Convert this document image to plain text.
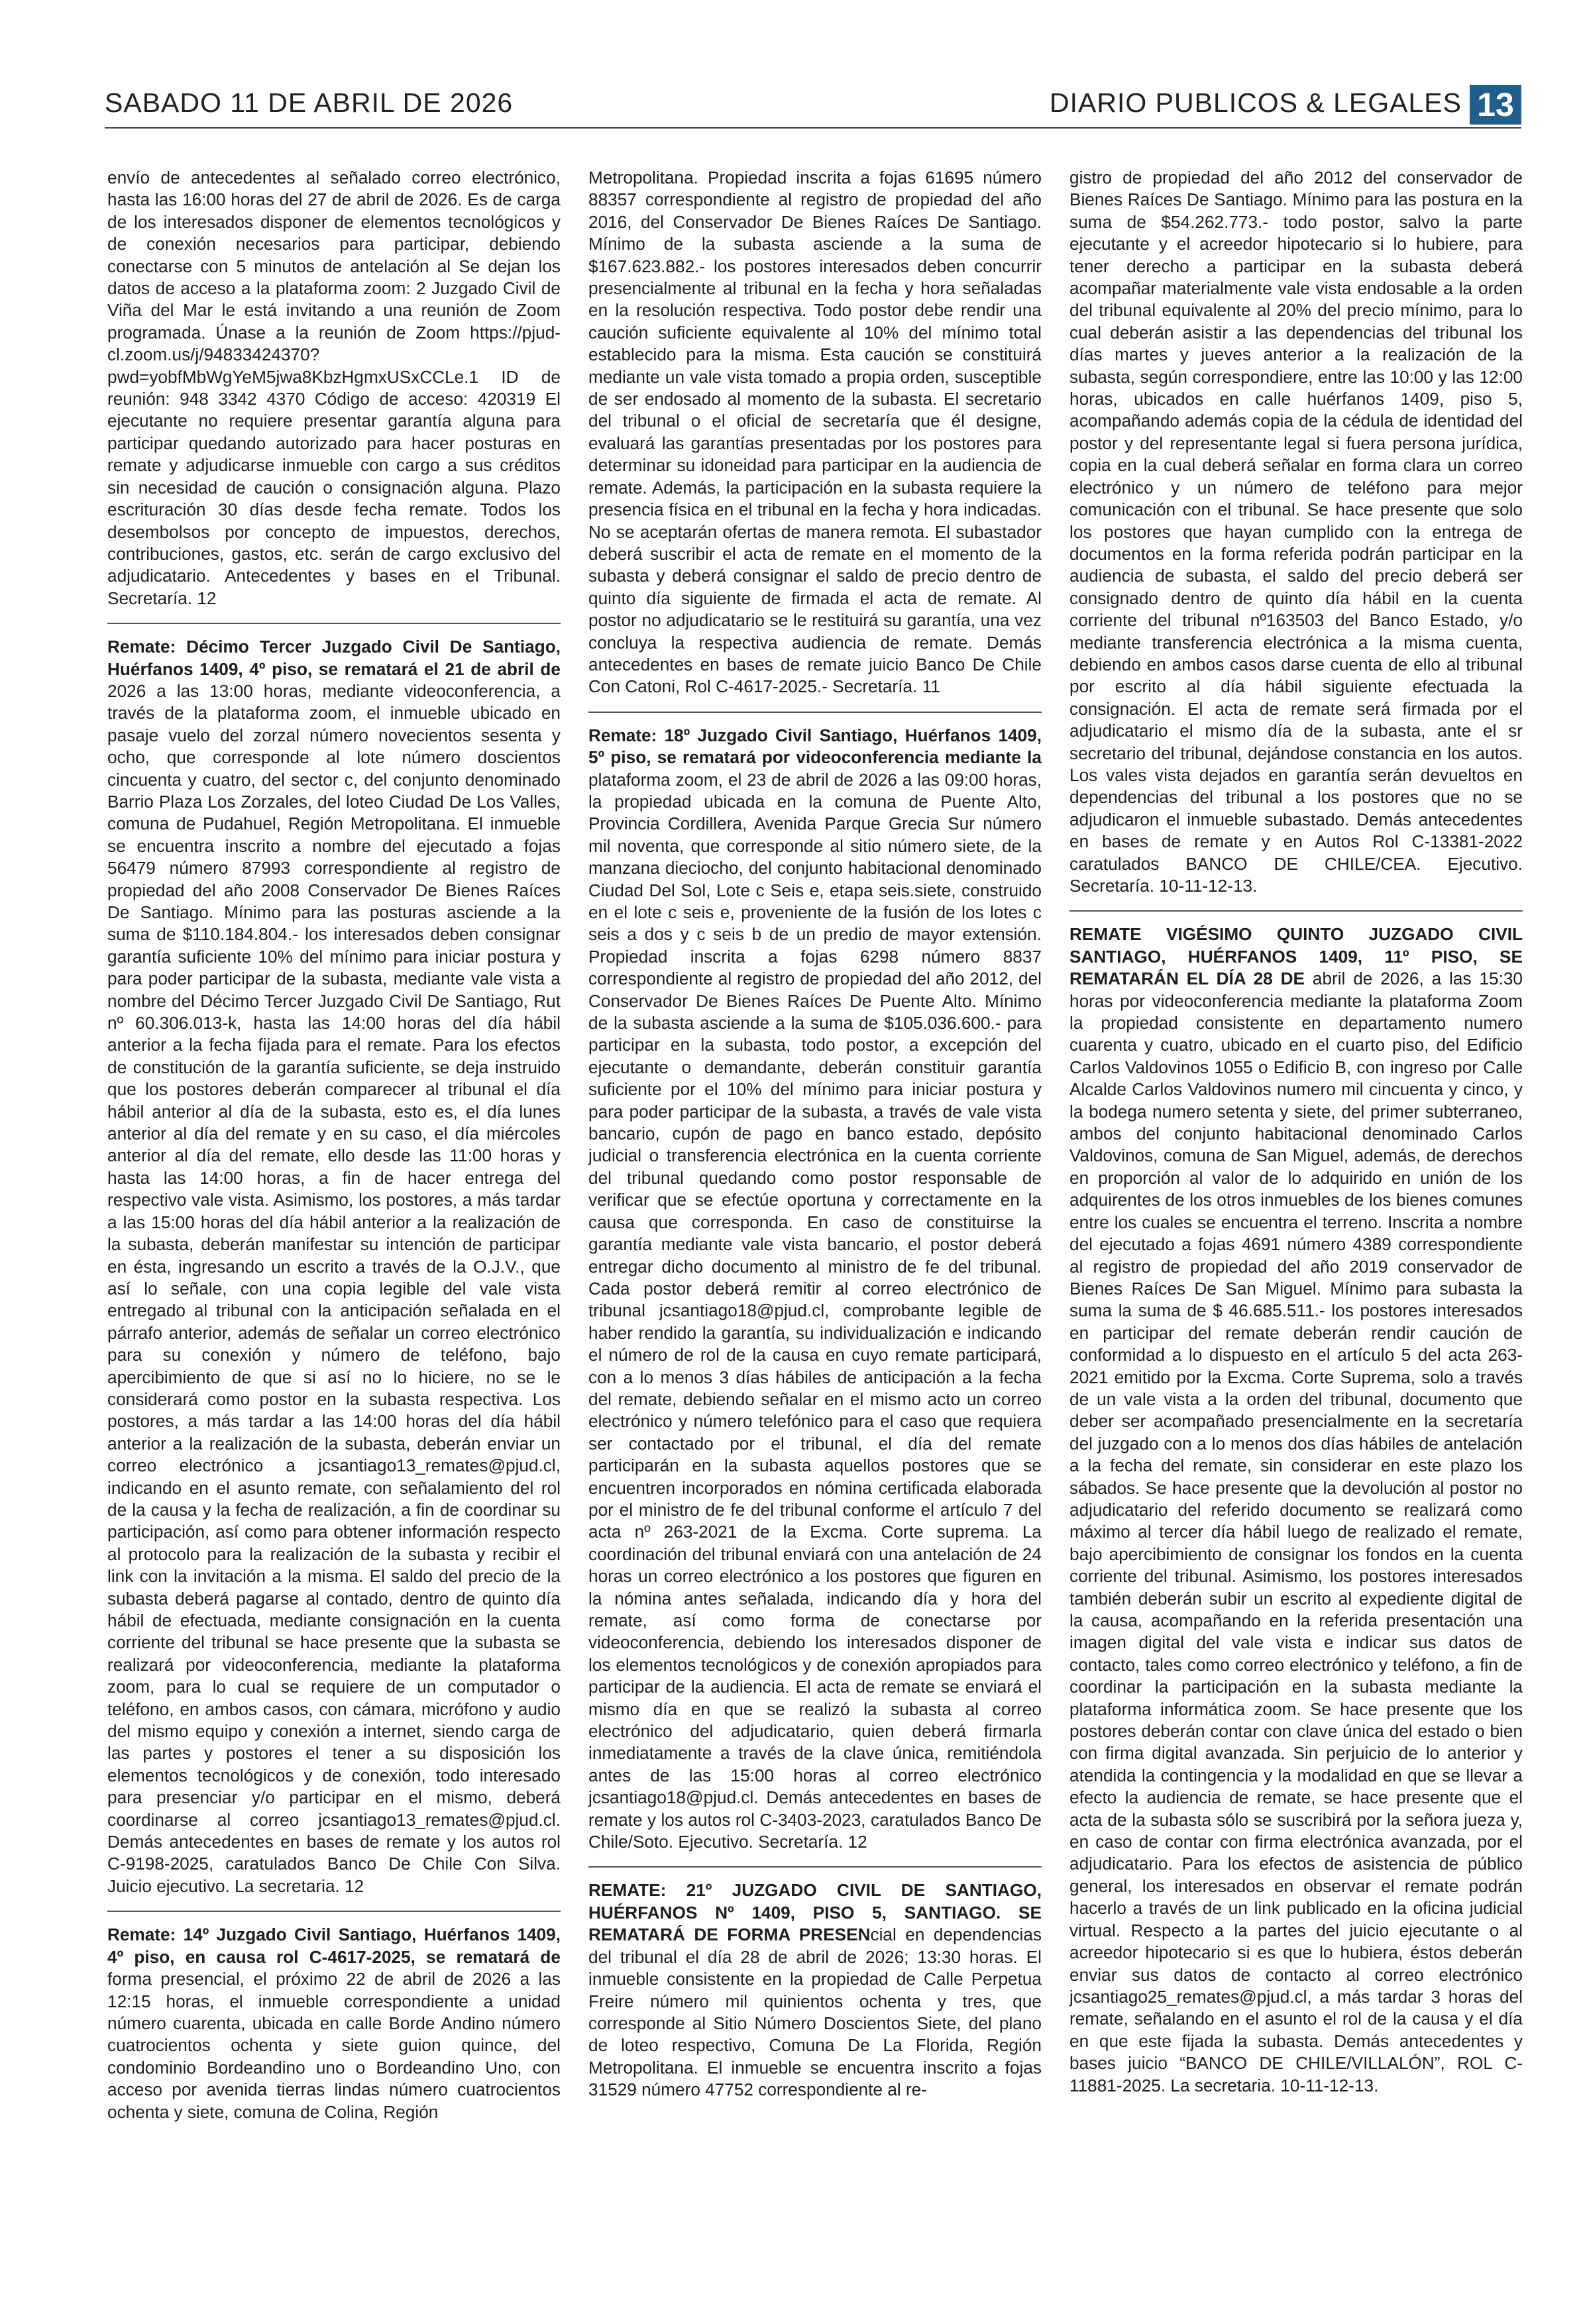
SABADO 11 DE ABRIL DE 2026	DIARIO PUBLICOS & LEGALES 13

envío de antecedentes al señalado correo electrónico, hasta las 16:00 horas del 27 de abril de 2026. Es de carga de los interesados disponer de elementos tecnológicos y de conexión necesarios para participar, debiendo conectarse con 5 minutos de antelación al Se dejan los datos de acceso a la plataforma zoom: 2 Juzgado Civil de Viña del Mar le está invitando a una reunión de Zoom programada. Únase a la reunión de Zoom https://pjud-cl.zoom.us/j/94833424370?pwd=yobfMbWgYeM5jwa8KbzHgmxUSxCCLe.1 ID de reunión: 948 3342 4370 Código de acceso: 420319 El ejecutante no requiere presentar garantía alguna para participar quedando autorizado para hacer posturas en remate y adjudicarse inmueble con cargo a sus créditos sin necesidad de caución o consignación alguna. Plazo escrituración 30 días desde fecha remate. Todos los desembolsos por concepto de impuestos, derechos, contribuciones, gastos, etc. serán de cargo exclusivo del adjudicatario. Antecedentes y bases en el Tribunal. Secretaría. 12

Remate: Décimo Tercer Juzgado Civil De Santiago, Huérfanos 1409, 4º piso, se rematará el 21 de abril de 2026 a las 13:00 horas, mediante videoconferencia, a través de la plataforma zoom, el inmueble ubicado en pasaje vuelo del zorzal número novecientos sesenta y ocho, que corresponde al lote número doscientos cincuenta y cuatro, del sector c, del conjunto denominado Barrio Plaza Los Zorzales, del loteo Ciudad De Los Valles, comuna de Pudahuel, Región Metropolitana. El inmueble se encuentra inscrito a nombre del ejecutado a fojas 56479 número 87993 correspondiente al registro de propiedad del año 2008 Conservador De Bienes Raíces De Santiago. Mínimo para las posturas asciende a la suma de $110.184.804.- los interesados deben consignar garantía suficiente 10% del mínimo para iniciar postura y para poder participar de la subasta, mediante vale vista a nombre del Décimo Tercer Juzgado Civil De Santiago, Rut nº 60.306.013-k, hasta las 14:00 horas del día hábil anterior a la fecha fijada para el remate. Para los efectos de constitución de la garantía suficiente, se deja instruido que los postores deberán comparecer al tribunal el día hábil anterior al día de la subasta, esto es, el día lunes anterior al día del remate y en su caso, el día miércoles anterior al día del remate, ello desde las 11:00 horas y hasta las 14:00 horas, a fin de hacer entrega del respectivo vale vista. Asimismo, los postores, a más tardar a las 15:00 horas del día hábil anterior a la realización de la subasta, deberán manifestar su intención de participar en ésta, ingresando un escrito a través de la O.J.V., que así lo señale, con una copia legible del vale vista entregado al tribunal con la anticipación señalada en el párrafo anterior, además de señalar un correo electrónico para su conexión y número de teléfono, bajo apercibimiento de que si así no lo hiciere, no se le considerará como postor en la subasta respectiva. Los postores, a más tardar a las 14:00 horas del día hábil anterior a la realización de la subasta, deberán enviar un correo electrónico a jcsantiago13_remates@pjud.cl, indicando en el asunto remate, con señalamiento del rol de la causa y la fecha de realización, a fin de coordinar su participación, así como para obtener información respecto al protocolo para la realización de la subasta y recibir el link con la invitación a la misma. El saldo del precio de la subasta deberá pagarse al contado, dentro de quinto día hábil de efectuada, mediante consignación en la cuenta corriente del tribunal se hace presente que la subasta se realizará por videoconferencia, mediante la plataforma zoom, para lo cual se requiere de un computador o teléfono, en ambos casos, con cámara, micrófono y audio del mismo equipo y conexión a internet, siendo carga de las partes y postores el tener a su disposición los elementos tecnológicos y de conexión, todo interesado para presenciar y/o participar en el mismo, deberá coordinarse al correo jcsantiago13_remates@pjud.cl. Demás antecedentes en bases de remate y los autos rol C-9198-2025, caratulados Banco De Chile Con Silva. Juicio ejecutivo. La secretaria. 12

Remate: 14º Juzgado Civil Santiago, Huérfanos 1409, 4º piso, en causa rol C-4617-2025, se rematará de forma presencial, el próximo 22 de abril de 2026 a las 12:15 horas, el inmueble correspondiente a unidad número cuarenta, ubicada en calle Borde Andino número cuatrocientos ochenta y siete guion quince, del condominio Bordeandino uno o Bordeandino Uno, con acceso por avenida tierras lindas número cuatrocientos ochenta y siete, comuna de Colina, Región

Metropolitana. Propiedad inscrita a fojas 61695 número 88357 correspondiente al registro de propiedad del año 2016, del Conservador De Bienes Raíces De Santiago. Mínimo de la subasta asciende a la suma de $167.623.882.- los postores interesados deben concurrir presencialmente al tribunal en la fecha y hora señaladas en la resolución respectiva. Todo postor debe rendir una caución suficiente equivalente al 10% del mínimo total establecido para la misma. Esta caución se constituirá mediante un vale vista tomado a propia orden, susceptible de ser endosado al momento de la subasta. El secretario del tribunal o el oficial de secretaría que él designe, evaluará las garantías presentadas por los postores para determinar su idoneidad para participar en la audiencia de remate. Además, la participación en la subasta requiere la presencia física en el tribunal en la fecha y hora indicadas. No se aceptarán ofertas de manera remota. El subastador deberá suscribir el acta de remate en el momento de la subasta y deberá consignar el saldo de precio dentro de quinto día siguiente de firmada el acta de remate. Al postor no adjudicatario se le restituirá su garantía, una vez concluya la respectiva audiencia de remate. Demás antecedentes en bases de remate juicio Banco De Chile Con Catoni, Rol C-4617-2025.- Secretaría. 11

Remate: 18º Juzgado Civil Santiago, Huérfanos 1409, 5º piso, se rematará por videoconferencia mediante la plataforma zoom, el 23 de abril de 2026 a las 09:00 horas, la propiedad ubicada en la comuna de Puente Alto, Provincia Cordillera, Avenida Parque Grecia Sur número mil noventa, que corresponde al sitio número siete, de la manzana dieciocho, del conjunto habitacional denominado Ciudad Del Sol, Lote c Seis e, etapa seis.siete, construido en el lote c seis e, proveniente de la fusión de los lotes c seis a dos y c seis b de un predio de mayor extensión. Propiedad inscrita a fojas 6298 número 8837 correspondiente al registro de propiedad del año 2012, del Conservador De Bienes Raíces De Puente Alto. Mínimo de la subasta asciende a la suma de $105.036.600.- para participar en la subasta, todo postor, a excepción del ejecutante o demandante, deberán constituir garantía suficiente por el 10% del mínimo para iniciar postura y para poder participar de la subasta, a través de vale vista bancario, cupón de pago en banco estado, depósito judicial o transferencia electrónica en la cuenta corriente del tribunal quedando como postor responsable de verificar que se efectúe oportuna y correctamente en la causa que corresponda. En caso de constituirse la garantía mediante vale vista bancario, el postor deberá entregar dicho documento al ministro de fe del tribunal. Cada postor deberá remitir al correo electrónico de tribunal jcsantiago18@pjud.cl, comprobante legible de haber rendido la garantía, su individualización e indicando el número de rol de la causa en cuyo remate participará, con a lo menos 3 días hábiles de anticipación a la fecha del remate, debiendo señalar en el mismo acto un correo electrónico y número telefónico para el caso que requiera ser contactado por el tribunal, el día del remate participarán en la subasta aquellos postores que se encuentren incorporados en nómina certificada elaborada por el ministro de fe del tribunal conforme el artículo 7 del acta nº 263-2021 de la Excma. Corte suprema. La coordinación del tribunal enviará con una antelación de 24 horas un correo electrónico a los postores que figuren en la nómina antes señalada, indicando día y hora del remate, así como forma de conectarse por videoconferencia, debiendo los interesados disponer de los elementos tecnológicos y de conexión apropiados para participar de la audiencia. El acta de remate se enviará el mismo día en que se realizó la subasta al correo electrónico del adjudicatario, quien deberá firmarla inmediatamente a través de la clave única, remitiéndola antes de las 15:00 horas al correo electrónico jcsantiago18@pjud.cl. Demás antecedentes en bases de remate y los autos rol C-3403-2023, caratulados Banco De Chile/Soto. Ejecutivo. Secretaría. 12

REMATE: 21º JUZGADO CIVIL DE SANTIAGO, HUÉRFANOS Nº 1409, PISO 5, SANTIAGO. SE REMATARÁ DE FORMA PRESENcial en dependencias del tribunal el día 28 de abril de 2026; 13:30 horas. El inmueble consistente en la propiedad de Calle Perpetua Freire número mil quinientos ochenta y tres, que corresponde al Sitio Número Doscientos Siete, del plano de loteo respectivo, Comuna De La Florida, Región Metropolitana. El inmueble se encuentra inscrito a fojas 31529 número 47752 correspondiente al re-

gistro de propiedad del año 2012 del conservador de Bienes Raíces De Santiago. Mínimo para las postura en la suma de $54.262.773.- todo postor, salvo la parte ejecutante y el acreedor hipotecario si lo hubiere, para tener derecho a participar en la subasta deberá acompañar materialmente vale vista endosable a la orden del tribunal equivalente al 20% del precio mínimo, para lo cual deberán asistir a las dependencias del tribunal los días martes y jueves anterior a la realización de la subasta, según correspondiere, entre las 10:00 y las 12:00 horas, ubicados en calle huérfanos 1409, piso 5, acompañando además copia de la cédula de identidad del postor y del representante legal si fuera persona jurídica, copia en la cual deberá señalar en forma clara un correo electrónico y un número de teléfono para mejor comunicación con el tribunal. Se hace presente que solo los postores que hayan cumplido con la entrega de documentos en la forma referida podrán participar en la audiencia de subasta, el saldo del precio deberá ser consignado dentro de quinto día hábil en la cuenta corriente del tribunal nº163503 del Banco Estado, y/o mediante transferencia electrónica a la misma cuenta, debiendo en ambos casos darse cuenta de ello al tribunal por escrito al día hábil siguiente efectuada la consignación. El acta de remate será firmada por el adjudicatario el mismo día de la subasta, ante el sr secretario del tribunal, dejándose constancia en los autos. Los vales vista dejados en garantía serán devueltos en dependencias del tribunal a los postores que no se adjudicaron el inmueble subastado. Demás antecedentes en bases de remate y en Autos Rol C-13381-2022 caratulados BANCO DE CHILE/CEA. Ejecutivo. Secretaría. 10-11-12-13.

REMATE VIGÉSIMO QUINTO JUZGADO CIVIL SANTIAGO, HUÉRFANOS 1409, 11º PISO, SE REMATARÁN EL DÍA 28 DE abril de 2026, a las 15:30 horas por videoconferencia mediante la plataforma Zoom la propiedad consistente en departamento numero cuarenta y cuatro, ubicado en el cuarto piso, del Edificio Carlos Valdovinos 1055 o Edificio B, con ingreso por Calle Alcalde Carlos Valdovinos numero mil cincuenta y cinco, y la bodega numero setenta y siete, del primer subterraneo, ambos del conjunto habitacional denominado Carlos Valdovinos, comuna de San Miguel, además, de derechos en proporción al valor de lo adquirido en unión de los adquirentes de los otros inmuebles de los bienes comunes entre los cuales se encuentra el terreno. Inscrita a nombre del ejecutado a fojas 4691 número 4389 correspondiente al registro de propiedad del año 2019 conservador de Bienes Raíces De San Miguel. Mínimo para subasta la suma la suma de $ 46.685.511.- los postores interesados en participar del remate deberán rendir caución de conformidad a lo dispuesto en el artículo 5 del acta 263-2021 emitido por la Excma. Corte Suprema, solo a través de un vale vista a la orden del tribunal, documento que deber ser acompañado presencialmente en la secretaría del juzgado con a lo menos dos días hábiles de antelación a la fecha del remate, sin considerar en este plazo los sábados. Se hace presente que la devolución al postor no adjudicatario del referido documento se realizará como máximo al tercer día hábil luego de realizado el remate, bajo apercibimiento de consignar los fondos en la cuenta corriente del tribunal. Asimismo, los postores interesados también deberán subir un escrito al expediente digital de la causa, acompañando en la referida presentación una imagen digital del vale vista e indicar sus datos de contacto, tales como correo electrónico y teléfono, a fin de coordinar la participación en la subasta mediante la plataforma informática zoom. Se hace presente que los postores deberán contar con clave única del estado o bien con firma digital avanzada. Sin perjuicio de lo anterior y atendida la contingencia y la modalidad en que se llevar a efecto la audiencia de remate, se hace presente que el acta de la subasta sólo se suscribirá por la señora jueza y, en caso de contar con firma electrónica avanzada, por el adjudicatario. Para los efectos de asistencia de público general, los interesados en observar el remate podrán hacerlo a través de un link publicado en la oficina judicial virtual. Respecto a la partes del juicio ejecutante o al acreedor hipotecario si es que lo hubiera, éstos deberán enviar sus datos de contacto al correo electrónico jcsantiago25_remates@pjud.cl, a más tardar 3 horas del remate, señalando en el asunto el rol de la causa y el día en que este fijada la subasta. Demás antecedentes y bases juicio “BANCO DE CHILE/VILLALÓN”, ROL C-11881-2025. La secretaria. 10-11-12-13.
